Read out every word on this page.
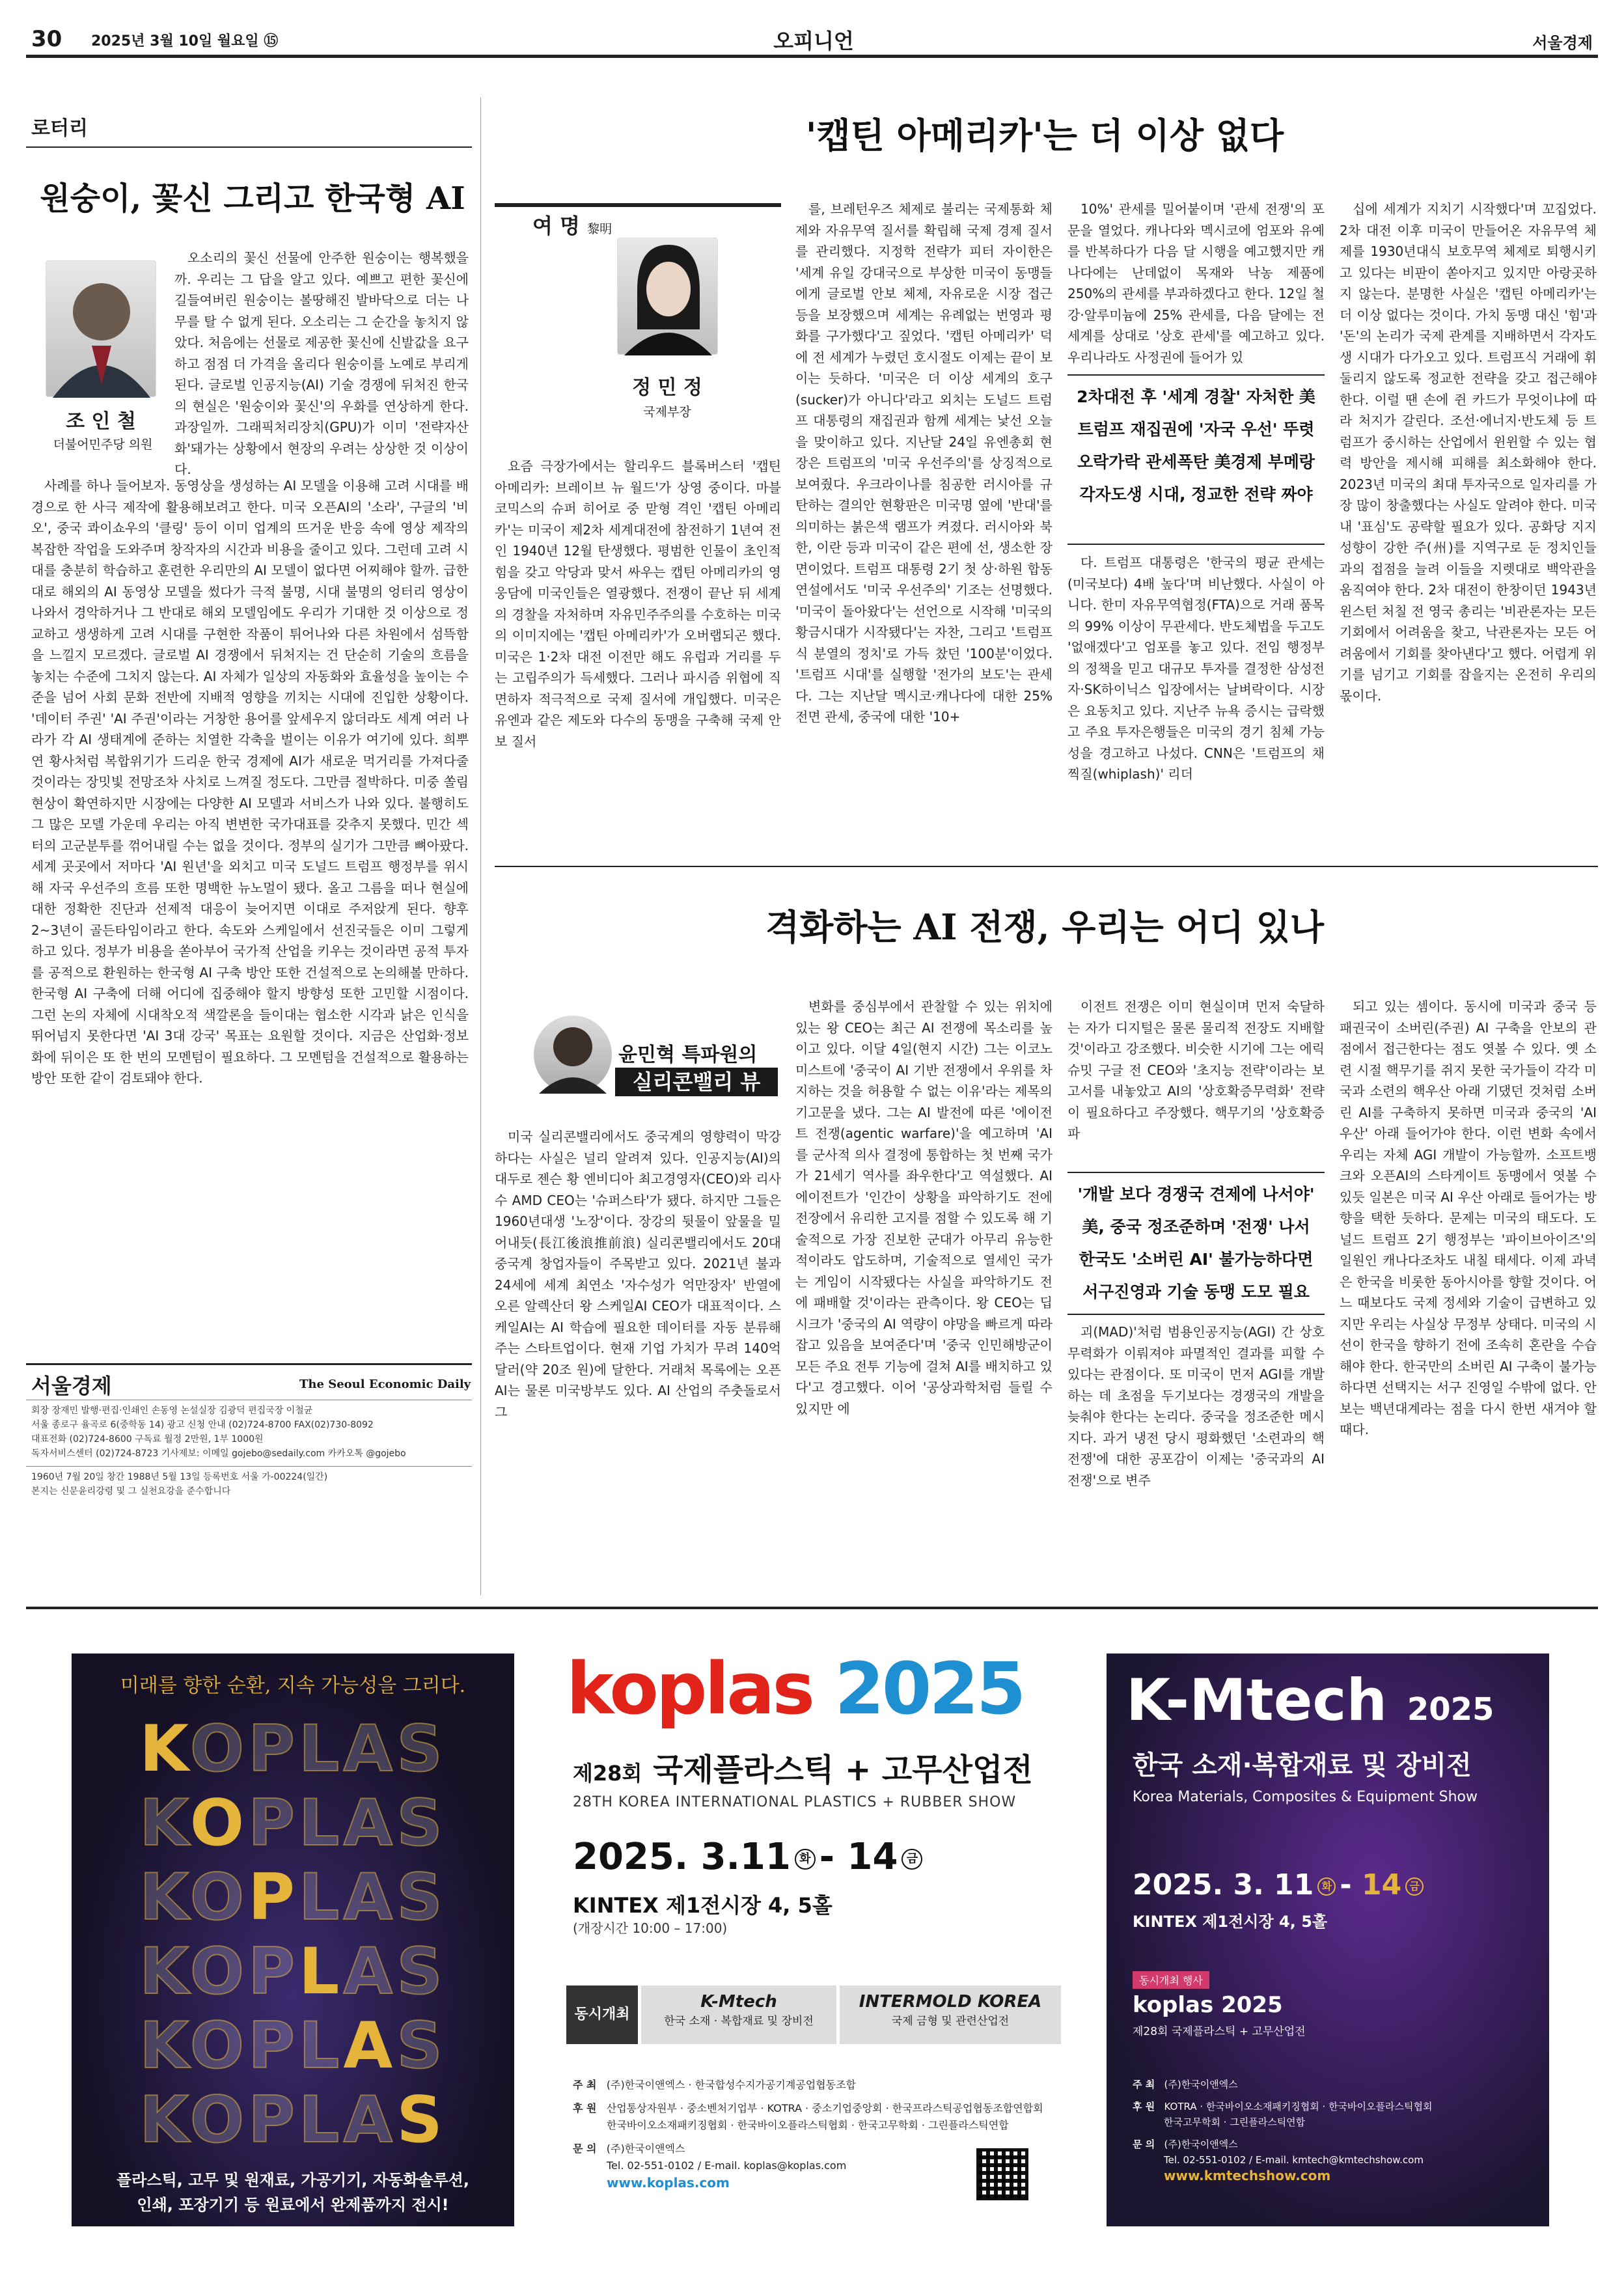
30 2025년 3월 10일 월요일 ⑮	오피니언	서울경제
로터리
원숭이, 꽃신 그리고 한국형 AI
조 인 철
더불어민주당 의원

오소리의 꽃신 선물에 안주한 원숭이는 행복했을까. 우리는 그 답을 알고 있다. 예쁘고 편한 꽃신에 길들여버린 원숭이는 볼땅해진 발바닥으로 더는 나무를 탈 수 없게 된다. 오소리는 그 순간을 놓치지 않았다. 처음에는 선물로 제공한 꽃신에 신발값을 요구하고 점점 더 가격을 올리다 원숭이를 노예로 부리게 된다. 글로벌 인공지능(AI) 기술 경쟁에 뒤처진 한국의 현실은 '원숭이와 꽃신'의 우화를 연상하게 한다. 과장일까. 그래픽처리장치(GPU)가 이미 '전략자산화'돼가는 상황에서 현장의 우려는 상상한 것 이상이다.

사례를 하나 들어보자. 동영상을 생성하는 AI 모델을 이용해 고려 시대를 배경으로 한 사극 제작에 활용해보려고 한다. 미국 오픈AI의 '소라', 구글의 '비오', 중국 콰이쇼우의 '클링' 등이 이미 업계의 뜨거운 반응 속에 영상 제작의 복잡한 작업을 도와주며 창작자의 시간과 비용을 줄이고 있다. 그런데 고려 시대를 충분히 학습하고 훈련한 우리만의 AI 모델이 없다면 어찌해야 할까. 급한 대로 해외의 AI 동영상 모델을 썼다가 극적 불명, 시대 불명의 엉터리 영상이 나와서 경악하거나 그 반대로 해외 모델임에도 우리가 기대한 것 이상으로 정교하고 생생하게 고려 시대를 구현한 작품이 튀어나와 다른 차원에서 섬뜩함을 느낄지 모르겠다. 글로벌 AI 경쟁에서 뒤처지는 건 단순히 기술의 흐름을 놓치는 수준에 그치지 않는다. AI 자체가 일상의 자동화와 효율성을 높이는 수준을 넘어 사회 문화 전반에 지배적 영향을 끼치는 시대에 진입한 상황이다. '데이터 주권' 'AI 주권'이라는 거창한 용어를 앞세우지 않더라도 세계 여러 나라가 각 AI 생태계에 준하는 치열한 각축을 벌이는 이유가 여기에 있다. 희뿌연 황사처럼 복합위기가 드리운 한국 경제에 AI가 새로운 먹거리를 가져다줄 것이라는 장밋빛 전망조차 사치로 느껴질 정도다. 그만큼 절박하다. 미중 쏠림 현상이 확연하지만 시장에는 다양한 AI 모델과 서비스가 나와 있다. 불행히도 그 많은 모델 가운데 우리는 아직 변변한 국가대표를 갖추지 못했다. 민간 섹터의 고군분투를 꺾어내릴 수는 없을 것이다. 정부의 실기가 그만큼 뼈아팠다. 세계 곳곳에서 저마다 'AI 원년'을 외치고 미국 도널드 트럼프 행정부를 위시해 자국 우선주의 흐름 또한 명백한 뉴노멀이 됐다. 올고 그름을 떠나 현실에 대한 정확한 진단과 선제적 대응이 늦어지면 이대로 주저앉게 된다. 향후 2~3년이 골든타임이라고 한다. 속도와 스케일에서 선진국들은 이미 그렇게 하고 있다. 정부가 비용을 쏟아부어 국가적 산업을 키우는 것이라면 공적 투자를 공적으로 환원하는 한국형 AI 구축 방안 또한 건설적으로 논의해볼 만하다. 한국형 AI 구축에 더해 어디에 집중해야 할지 방향성 또한 고민할 시점이다. 그런 논의 자체에 시대착오적 색깔론을 들이대는 협소한 시각과 낡은 인식을 뛰어넘지 못한다면 'AI 3대 강국' 목표는 요원할 것이다. 지금은 산업화·정보화에 뒤이은 또 한 번의 모멘텀이 필요하다. 그 모멘텀을 건설적으로 활용하는 방안 또한 같이 검토돼야 한다.

서울경제	The Seoul Economic Daily
회장 장재민 발행·편집·인쇄인 손동영 논설실장 김광덕 편집국장 이철균
서울 종로구 율곡로 6(중학동 14) 광고 신청 안내 (02)724-8700 FAX(02)730-8092
대표전화 (02)724-8600 구독료 월정 2만원, 1부 1000원
독자서비스센터 (02)724-8723 기사제보: 이메일 gojebo@sedaily.com 카카오톡 @gojebo
1960년 7월 20일 창간 1988년 5월 13일 등록번호 서울 가-00224(일간)
본지는 신문윤리강령 및 그 실천요강을 준수합니다
'캡틴 아메리카'는 더 이상 없다
여 명 黎明
정 민 정
국제부장

요즘 극장가에서는 할리우드 블록버스터 '캡틴 아메리카: 브레이브 뉴 월드'가 상영 중이다. 마블코믹스의 슈퍼 히어로 중 맏형 격인 '캡틴 아메리카'는 미국이 제2차 세계대전에 참전하기 1년여 전인 1940년 12월 탄생했다. 평범한 인물이 초인적 힘을 갖고 악당과 맞서 싸우는 캡틴 아메리카의 영웅담에 미국인들은 열광했다. 전쟁이 끝난 뒤 세계의 경찰을 자처하며 자유민주주의를 수호하는 미국의 이미지에는 '캡틴 아메리카'가 오버랩되곤 했다. 미국은 1·2차 대전 이전만 해도 유럽과 거리를 두는 고립주의가 득세했다. 그러나 파시즘 위협에 직면하자 적극적으로 국제 질서에 개입했다. 미국은 유엔과 같은 제도와 다수의 동맹을 구축해 국제 안보 질서

를, 브레턴우즈 체제로 불리는 국제통화 체제와 자유무역 질서를 확립해 국제 경제 질서를 관리했다. 지정학 전략가 피터 자이한은 '세계 유일 강대국으로 부상한 미국이 동맹들에게 글로벌 안보 체제, 자유로운 시장 접근 등을 보장했으며 세계는 유례없는 번영과 평화를 구가했다'고 짚었다. '캡틴 아메리카' 덕에 전 세계가 누렸던 호시절도 이제는 끝이 보이는 듯하다. '미국은 더 이상 세계의 호구(sucker)가 아니다'라고 외치는 도널드 트럼프 대통령의 재집권과 함께 세계는 낯선 오늘을 맞이하고 있다. 지난달 24일 유엔총회 현장은 트럼프의 '미국 우선주의'를 상징적으로 보여줬다. 우크라이나를 침공한 러시아를 규탄하는 결의안 현황판은 미국명 옆에 '반대'를 의미하는 붉은색 램프가 켜졌다. 러시아와 북한, 이란 등과 미국이 같은 편에 선, 생소한 장면이었다. 트럼프 대통령 2기 첫 상·하원 합동 연설에서도 '미국 우선주의' 기조는 선명했다. '미국이 돌아왔다'는 선언으로 시작해 '미국의 황금시대가 시작됐다'는 자찬, 그리고 '트럼프식 분열의 정치'로 가득 찼던 '100분'이었다. '트럼프 시대'를 실행할 '전가의 보도'는 관세다. 그는 지난달 멕시코·캐나다에 대한 25% 전면 관세, 중국에 대한 '10+

10%' 관세를 밀어붙이며 '관세 전쟁'의 포문을 열었다. 캐나다와 멕시코에 엄포와 유예를 반복하다가 다음 달 시행을 예고했지만 캐나다에는 난데없이 목재와 낙농 제품에 250%의 관세를 부과하겠다고 한다. 12일 철강·알루미늄에 25% 관세를, 다음 달에는 전 세계를 상대로 '상호 관세'를 예고하고 있다. 우리나라도 사정권에 들어가 있

2차대전 후 '세계 경찰' 자처한 美
트럼프 재집권에 '자국 우선' 뚜렷
오락가락 관세폭탄 美경제 부메랑
각자도생 시대, 정교한 전략 짜야

다. 트럼프 대통령은 '한국의 평균 관세는 (미국보다) 4배 높다'며 비난했다. 사실이 아니다. 한미 자유무역협정(FTA)으로 거래 품목의 99% 이상이 무관세다. 반도체법을 두고도 '없애겠다'고 엄포를 놓고 있다. 전임 행정부의 정책을 믿고 대규모 투자를 결정한 삼성전자·SK하이닉스 입장에서는 날벼락이다. 시장은 요동치고 있다. 지난주 뉴욕 증시는 급락했고 주요 투자은행들은 미국의 경기 침체 가능성을 경고하고 나섰다. CNN은 '트럼프의 채찍질(whiplash)' 리더

십에 세계가 지치기 시작했다'며 꼬집었다. 2차 대전 이후 미국이 만들어온 자유무역 체제를 1930년대식 보호무역 체제로 퇴행시키고 있다는 비판이 쏟아지고 있지만 아랑곳하지 않는다. 분명한 사실은 '캡틴 아메리카'는 더 이상 없다는 것이다. 가치 동맹 대신 '힘'과 '돈'의 논리가 국제 관계를 지배하면서 각자도생 시대가 다가오고 있다. 트럼프식 거래에 휘둘리지 않도록 정교한 전략을 갖고 접근해야 한다. 이럴 땐 손에 쥔 카드가 무엇이냐에 따라 처지가 갈린다. 조선·에너지·반도체 등 트럼프가 중시하는 산업에서 윈윈할 수 있는 협력 방안을 제시해 피해를 최소화해야 한다. 2023년 미국의 최대 투자국으로 일자리를 가장 많이 창출했다는 사실도 알려야 한다. 미국 내 '표심'도 공략할 필요가 있다. 공화당 지지 성향이 강한 주(州)를 지역구로 둔 정치인들과의 접점을 늘려 이들을 지렛대로 백악관을 움직여야 한다. 2차 대전이 한창이던 1943년 윈스턴 처칠 전 영국 총리는 '비관론자는 모든 기회에서 어려움을 찾고, 낙관론자는 모든 어려움에서 기회를 찾아낸다'고 했다. 어렵게 위기를 넘기고 기회를 잡을지는 온전히 우리의 몫이다.

격화하는 AI 전쟁, 우리는 어디 있나
윤민혁 특파원의
실리콘밸리 뷰

미국 실리콘밸리에서도 중국계의 영향력이 막강하다는 사실은 널리 알려져 있다. 인공지능(AI)의 대두로 젠슨 황 엔비디아 최고경영자(CEO)와 리사 수 AMD CEO는 '슈퍼스타'가 됐다. 하지만 그들은 1960년대생 '노장'이다. 장강의 뒷물이 앞물을 밀어내듯(長江後浪推前浪) 실리콘밸리에서도 20대 중국계 창업자들이 주목받고 있다. 2021년 불과 24세에 세계 최연소 '자수성가 억만장자' 반열에 오른 알렉산더 왕 스케일AI CEO가 대표적이다. 스케일AI는 AI 학습에 필요한 데이터를 자동 분류해주는 스타트업이다. 현재 기업 가치가 무려 140억 달러(약 20조 원)에 달한다. 거래처 목록에는 오픈AI는 물론 미국방부도 있다. AI 산업의 주춧돌로서 그

변화를 중심부에서 관찰할 수 있는 위치에 있는 왕 CEO는 최근 AI 전쟁에 목소리를 높이고 있다. 이달 4일(현지 시간) 그는 이코노미스트에 '중국이 AI 기반 전쟁에서 우위를 차지하는 것을 허용할 수 없는 이유'라는 제목의 기고문을 냈다. 그는 AI 발전에 따른 '에이전트 전쟁(agentic warfare)'을 예고하며 'AI를 군사적 의사 결정에 통합하는 첫 번째 국가가 21세기 역사를 좌우한다'고 역설했다. AI 에이전트가 '인간이 상황을 파악하기도 전에 전장에서 유리한 고지를 점할 수 있도록 해 기술적으로 가장 진보한 군대가 아무리 유능한 적이라도 압도하며, 기술적으로 열세인 국가는 게임이 시작됐다는 사실을 파악하기도 전에 패배할 것'이라는 관측이다. 왕 CEO는 딥시크가 '중국의 AI 역량이 야망을 빠르게 따라잡고 있음을 보여준다'며 '중국 인민해방군이 모든 주요 전투 기능에 걸쳐 AI를 배치하고 있다'고 경고했다. 이어 '공상과학처럼 들릴 수 있지만 에

이전트 전쟁은 이미 현실이며 먼저 숙달하는 자가 디지털은 물론 물리적 전장도 지배할 것'이라고 강조했다. 비슷한 시기에 그는 에릭 슈밋 구글 전 CEO와 '초지능 전략'이라는 보고서를 내놓았고 AI의 '상호확증무력화' 전략이 필요하다고 주장했다. 핵무기의 '상호확증파

'개발 보다 경쟁국 견제에 나서야'
美, 중국 정조준하며 '전쟁' 나서
한국도 '소버린 AI' 불가능하다면
서구진영과 기술 동맹 도모 필요

괴(MAD)'처럼 범용인공지능(AGI) 간 상호 무력화가 이뤄져야 파멸적인 결과를 피할 수 있다는 관점이다. 또 미국이 먼저 AGI를 개발하는 데 초점을 두기보다는 경쟁국의 개발을 늦춰야 한다는 논리다. 중국을 정조준한 메시지다. 과거 냉전 당시 평화했던 '소련과의 핵전쟁'에 대한 공포감이 이제는 '중국과의 AI 전쟁'으로 변주

되고 있는 셈이다. 동시에 미국과 중국 등 패권국이 소버린(주권) AI 구축을 안보의 관점에서 접근한다는 점도 엿볼 수 있다. 옛 소련 시절 핵무기를 쥐지 못한 국가들이 각각 미국과 소련의 핵우산 아래 기댔던 것처럼 소버린 AI를 구축하지 못하면 미국과 중국의 'AI 우산' 아래 들어가야 한다. 이런 변화 속에서 우리는 자체 AGI 개발이 가능할까. 소프트뱅크와 오픈AI의 스타게이트 동맹에서 엿볼 수 있듯 일본은 미국 AI 우산 아래로 들어가는 방향을 택한 듯하다. 문제는 미국의 태도다. 도널드 트럼프 2기 행정부는 '파이브아이즈'의 일원인 캐나다조차도 내칠 태세다. 이제 과녁은 한국을 비롯한 동아시아를 향할 것이다. 어느 때보다도 국제 정세와 기술이 급변하고 있지만 우리는 사실상 무정부 상태다. 미국의 시선이 한국을 향하기 전에 조속히 혼란을 수습해야 한다. 한국만의 소버린 AI 구축이 불가능하다면 선택지는 서구 진영일 수밖에 없다. 안보는 백년대계라는 점을 다시 한번 새겨야 할 때다.

미래를 향한 순환, 지속 가능성을 그리다.
KOPLAS
KOPLAS
KOPLAS
KOPLAS
KOPLAS
KOPLAS
플라스틱, 고무 및 원재료, 가공기기, 자동화솔루션,
인쇄, 포장기기 등 원료에서 완제품까지 전시!
koplas 2025
제28회 국제플라스틱 + 고무산업전
28TH KOREA INTERNATIONAL PLASTICS + RUBBER SHOW
2025. 3.11 화 - 14 금
KINTEX 제1전시장 4, 5홀
(개장시간 10:00 – 17:00)
동시개최
K-Mtech
한국 소재 · 복합재료 및 장비전
INTERMOLD KOREA
국제 금형 및 관련산업전
주 최 (주)한국이앤엑스 · 한국합성수지가공기계공업협동조합
후 원 산업통상자원부 · 중소벤처기업부 · KOTRA · 중소기업중앙회 · 한국프라스틱공업협동조합연합회
한국바이오소재패키징협회 · 한국바이오플라스틱협회 · 한국고무학회 · 그린플라스틱연합
문 의 (주)한국이앤엑스
Tel. 02-551-0102 / E-mail. koplas@koplas.com
www.koplas.com
K-Mtech 2025
한국 소재·복합재료 및 장비전
Korea Materials, Composites & Equipment Show
2025. 3. 11 화 - 14 금
KINTEX 제1전시장 4, 5홀
동시개최 행사
koplas 2025
제28회 국제플라스틱 + 고무산업전
주 최 (주)한국이앤엑스
후 원 KOTRA · 한국바이오소재패키징협회 · 한국바이오플라스틱협회
한국고무학회 · 그린플라스틱연합
문 의 (주)한국이앤엑스
Tel. 02-551-0102 / E-mail. kmtech@kmtechshow.com
www.kmtechshow.com
